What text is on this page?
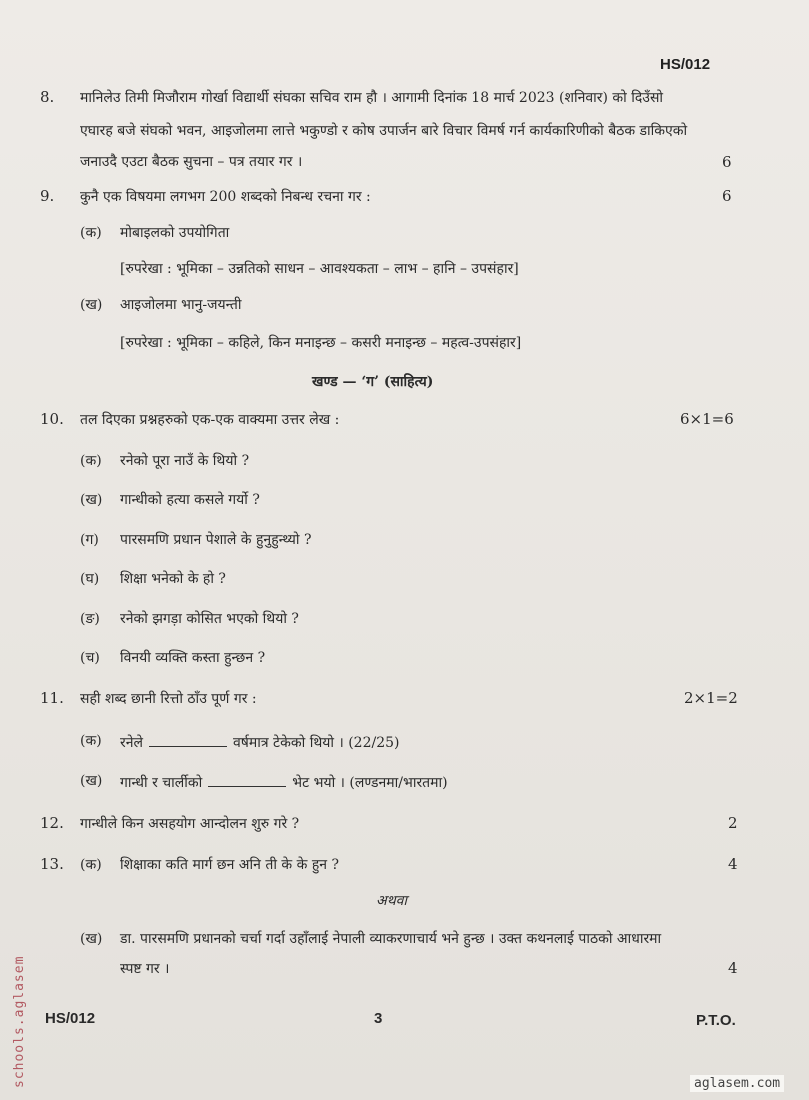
HS/012
8. मानिलेउ तिमी मिजौराम गोर्खा विद्यार्थी संघका सचिव राम हौ । आगामी दिनांक 18 मार्च 2023 (शनिवार) को दिउँसो
एघारह बजे संघको भवन, आइजोलमा लात्ते भकुण्डो र कोष उपार्जन बारे विचार विमर्ष गर्न कार्यकारिणीको बैठक डाकिएको
जनाउदै एउटा बैठक सुचना – पत्र तयार गर ।	6
9. कुनै एक विषयमा लगभग 200 शब्दको निबन्ध रचना गर :	6
(क) मोबाइलको उपयोगिता
[रुपरेखा : भूमिका – उन्नतिको साधन – आवश्यकता – लाभ – हानि – उपसंहार]
(ख) आइजोलमा भानु-जयन्ती
[रुपरेखा : भूमिका – कहिले, किन मनाइन्छ – कसरी मनाइन्छ – महत्व-उपसंहार]
खण्ड — ‘ग’ (साहित्य)
10. तल दिएका प्रश्नहरुको एक-एक वाक्यमा उत्तर लेख :	6×1=6
(क) रनेको पूरा नाउँ के थियो ?
(ख) गान्धीको हत्या कसले गर्यो ?
(ग) पारसमणि प्रधान पेशाले के हुनुहुन्थ्यो ?
(घ) शिक्षा भनेको के हो ?
(ङ) रनेको झगड़ा कोसित भएको थियो ?
(च) विनयी व्यक्ति कस्ता हुन्छन ?
11. सही शब्द छानी रित्तो ठाँउ पूर्ण गर :	2×1=2
(क) रनेले	वर्षमात्र टेकेको थियो । (22/25)
(ख) गान्धी र चार्लीको	भेट भयो । (लण्डनमा/भारतमा)
12. गान्धीले किन असहयोग आन्दोलन शुरु गरे ?	2
13. (क) शिक्षाका कति मार्ग छन अनि ती के के हुन ?	4
अथवा
(ख) डा. पारसमणि प्रधानको चर्चा गर्दा उहाँलाई नेपाली व्याकरणाचार्य भने हुन्छ । उक्त कथनलाई पाठको आधारमा
स्पष्ट गर ।	4
HS/012	3	P.T.O.
schools.aglasem	aglasem.com
